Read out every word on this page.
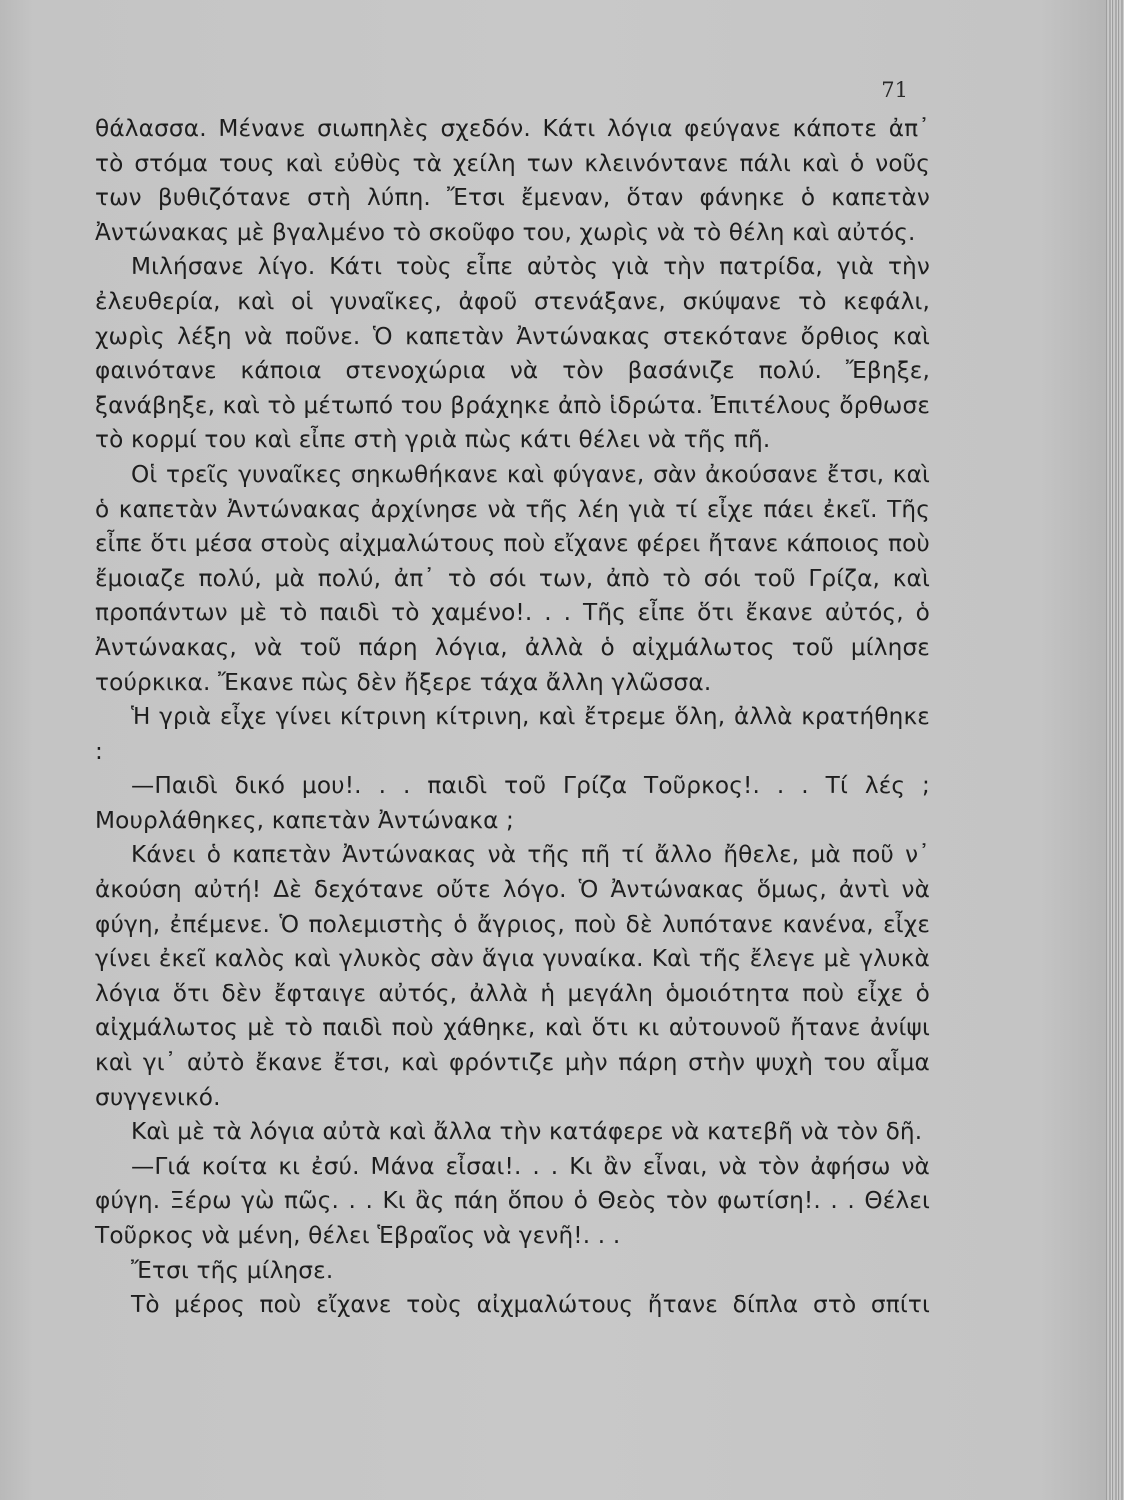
71

θάλασσα. Μένανε σιωπηλὲς σχεδόν. Κάτι λόγια φεύγανε κάποτε ἀπ᾿ τὸ στόμα τους καὶ εὐθὺς τὰ χείλη των κλεινόντανε πάλι καὶ ὁ νοῦς των βυθιζότανε στὴ λύπη. Ἔτσι ἔμεναν, ὅταν φάνηκε ὁ καπετὰν Ἀντώνακας μὲ βγαλμένο τὸ σκοῦφο του, χωρὶς νὰ τὸ θέλη καὶ αὐτός.

Μιλήσανε λίγο. Κάτι τοὺς εἶπε αὐτὸς γιὰ τὴν πατρίδα, γιὰ τὴν ἐλευθερία, καὶ οἱ γυναῖκες, ἀφοῦ στενάξανε, σκύψανε τὸ κεφάλι, χωρὶς λέξη νὰ ποῦνε. Ὁ καπετὰν Ἀντώνακας στεκότανε ὄρθιος καὶ φαινότανε κάποια στενοχώρια νὰ τὸν βασάνιζε πολύ. Ἔβηξε, ξανάβηξε, καὶ τὸ μέτωπό του βράχηκε ἀπὸ ἱδρώτα. Ἐπιτέλους ὄρθωσε τὸ κορμί του καὶ εἶπε στὴ γριὰ πὼς κάτι θέλει νὰ τῆς πῆ.

Οἱ τρεῖς γυναῖκες σηκωθήκανε καὶ φύγανε, σὰν ἀκούσανε ἔτσι, καὶ ὁ καπετὰν Ἀντώνακας ἀρχίνησε νὰ τῆς λέη γιὰ τί εἶχε πάει ἐκεῖ. Τῆς εἶπε ὅτι μέσα στοὺς αἰχμαλώτους ποὺ εἴχανε φέρει ἤτανε κάποιος ποὺ ἔμοιαζε πολύ, μὰ πολύ, ἀπ᾿ τὸ σόι των, ἀπὸ τὸ σόι τοῦ Γρίζα, καὶ προπάντων μὲ τὸ παιδὶ τὸ χαμένο!. . . Τῆς εἶπε ὅτι ἔκανε αὐτός, ὁ Ἀντώνακας, νὰ τοῦ πάρη λόγια, ἀλλὰ ὁ αἰχμάλωτος τοῦ μίλησε τούρκικα. Ἔκανε πὼς δὲν ἤξερε τάχα ἄλλη γλῶσσα.

Ἡ γριὰ εἶχε γίνει κίτρινη κίτρινη, καὶ ἔτρεμε ὅλη, ἀλλὰ κρατήθηκε :

—Παιδὶ δικό μου!. . . παιδὶ τοῦ Γρίζα Τοῦρκος!. . . Τί λές ; Μουρλάθηκες, καπετὰν Ἀντώνακα ;

Κάνει ὁ καπετὰν Ἀντώνακας νὰ τῆς πῆ τί ἄλλο ἤθελε, μὰ ποῦ ν᾿ ἀκούση αὐτή! Δὲ δεχότανε οὔτε λόγο. Ὁ Ἀντώνακας ὅμως, ἀντὶ νὰ φύγη, ἐπέμενε. Ὁ πολεμιστὴς ὁ ἄγριος, ποὺ δὲ λυπότανε κανένα, εἶχε γίνει ἐκεῖ καλὸς καὶ γλυκὸς σὰν ἅγια γυναίκα. Καὶ τῆς ἔλεγε μὲ γλυκὰ λόγια ὅτι δὲν ἔφταιγε αὐτός, ἀλλὰ ἡ μεγάλη ὁμοιότητα ποὺ εἶχε ὁ αἰχμάλωτος μὲ τὸ παιδὶ ποὺ χάθηκε, καὶ ὅτι κι αὐτουνοῦ ἤτανε ἀνίψι καὶ γι᾿ αὐτὸ ἔκανε ἔτσι, καὶ φρόντιζε μὴν πάρη στὴν ψυχὴ του αἷμα συγγενικό.

Καὶ μὲ τὰ λόγια αὐτὰ καὶ ἄλλα τὴν κατάφερε νὰ κατεβῆ νὰ τὸν δῆ.

—Γιά κοίτα κι ἐσύ. Μάνα εἶσαι!. . . Κι ἂν εἶναι, νὰ τὸν ἀφήσω νὰ φύγη. Ξέρω γὼ πῶς. . . Κι ἂς πάη ὅπου ὁ Θεὸς τὸν φωτίση!. . . Θέλει Τοῦρκος νὰ μένη, θέλει Ἑβραῖος νὰ γενῆ!. . .

Ἔτσι τῆς μίλησε.

Τὸ μέρος ποὺ εἴχανε τοὺς αἰχμαλώτους ἤτανε δίπλα στὸ σπίτι
